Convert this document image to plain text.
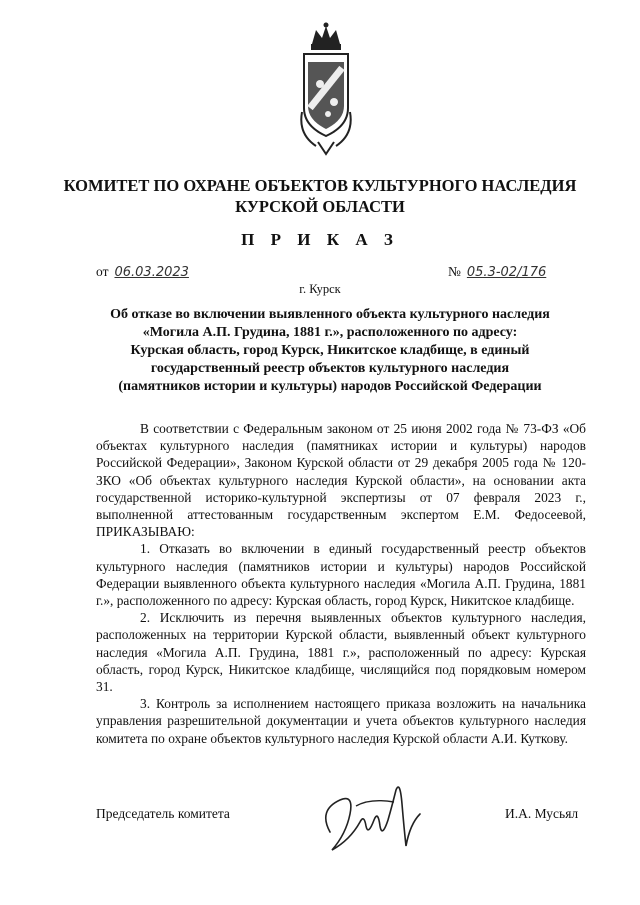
КОМИТЕТ ПО ОХРАНЕ ОБЪЕКТОВ КУЛЬТУРНОГО НАСЛЕДИЯ
КУРСКОЙ ОБЛАСТИ
П Р И К А З
от 06.03.2023	№ 05.3-02/176
г. Курск
Об отказе во включении выявленного объекта культурного наследия
«Могила А.П. Грудина, 1881 г.», расположенного по адресу:
Курская область, город Курск, Никитское кладбище, в единый
государственный реестр объектов культурного наследия
(памятников истории и культуры) народов Российской Федерации

В соответствии с Федеральным законом от 25 июня 2002 года № 73-ФЗ «Об объектах культурного наследия (памятниках истории и культуры) народов Российской Федерации», Законом Курской области от 29 декабря 2005 года № 120-ЗКО «Об объектах культурного наследия Курской области», на основании акта государственной историко-культурной экспертизы от 07 февраля 2023 г., выполненной аттестованным государственным экспертом Е.М. Федосеевой, ПРИКАЗЫВАЮ:

1. Отказать во включении в единый государственный реестр объектов культурного наследия (памятников истории и культуры) народов Российской Федерации выявленного объекта культурного наследия «Могила А.П. Грудина, 1881 г.», расположенного по адресу: Курская область, город Курск, Никитское кладбище.

2. Исключить из перечня выявленных объектов культурного наследия, расположенных на территории Курской области, выявленный объект культурного наследия «Могила А.П. Грудина, 1881 г.», расположенный по адресу: Курская область, город Курск, Никитское кладбище, числящийся под порядковым номером 31.

3. Контроль за исполнением настоящего приказа возложить на начальника управления разрешительной документации и учета объектов культурного наследия комитета по охране объектов культурного наследия Курской области А.И. Куткову.

Председатель комитета	И.А. Мусьял
